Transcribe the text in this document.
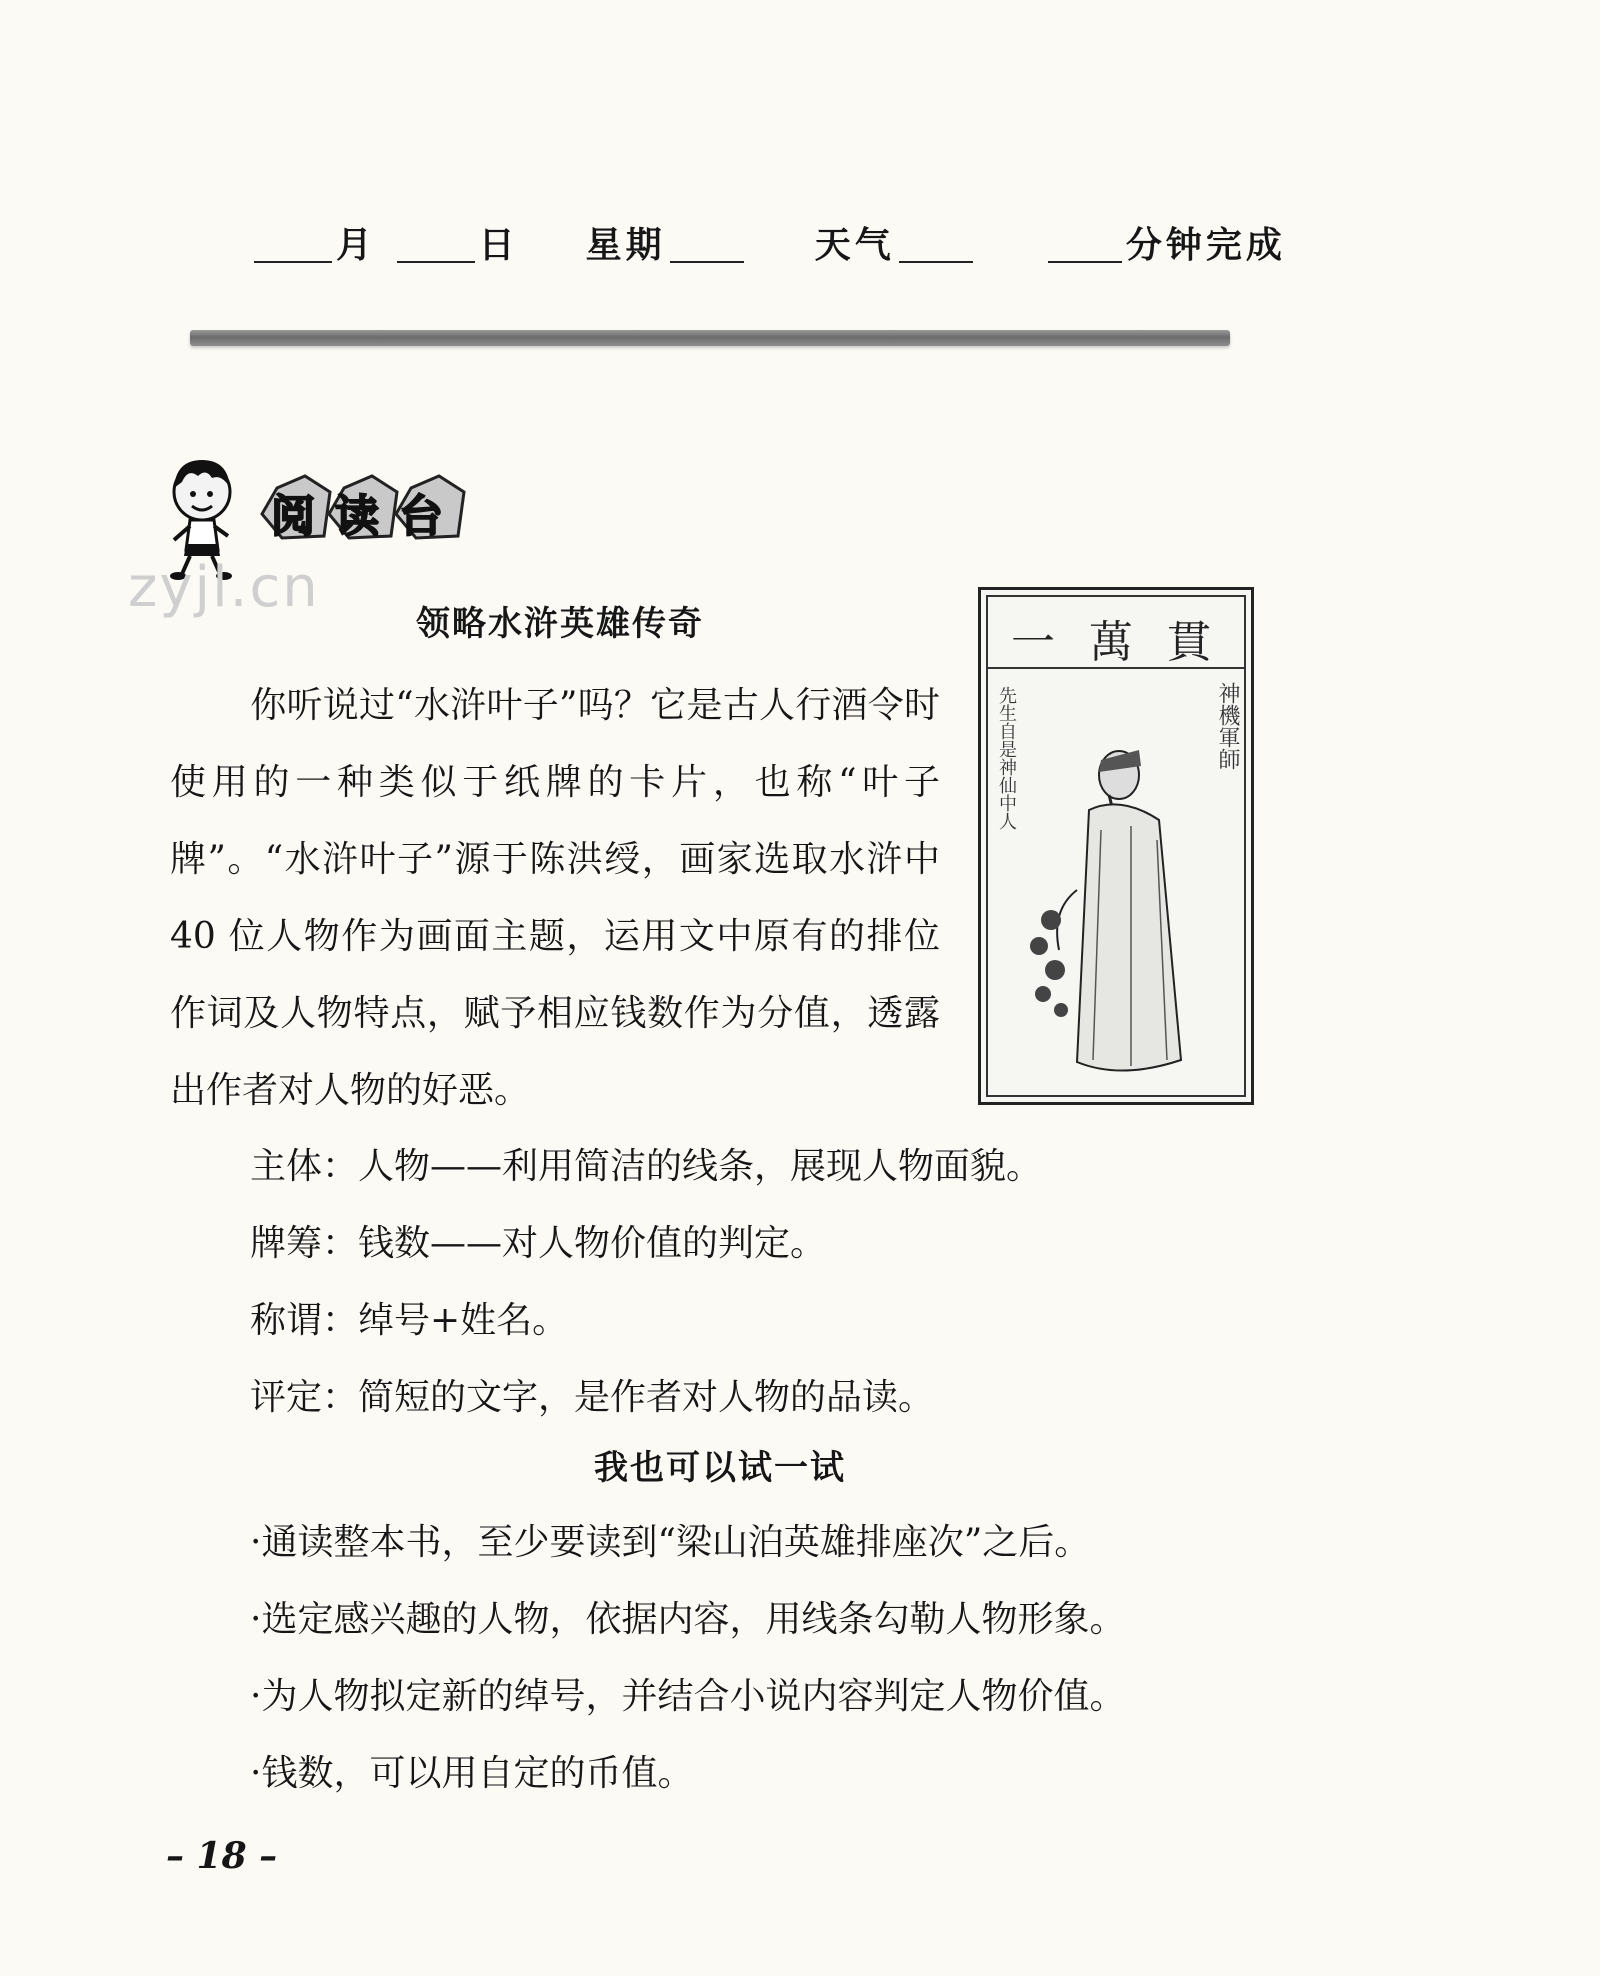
月	日 星期	天气	分钟完成
阅读台
zyjl.cn
领略水浒英雄传奇
你听说过“水浒叶子”吗？它是古人行酒令时使用的一种类似于纸牌的卡片，也称“叶子牌”。“水浒叶子”源于陈洪绶，画家选取水浒中 40 位人物作为画面主题，运用文中原有的排位作词及人物特点，赋予相应钱数作为分值，透露出作者对人物的好恶。
一 萬 貫
神機軍師
先生自是神仙中人
主体：人物——利用简洁的线条，展现人物面貌。
牌筹：钱数——对人物价值的判定。
称谓：绰号+姓名。
评定：简短的文字，是作者对人物的品读。
我也可以试一试
·通读整本书，至少要读到“梁山泊英雄排座次”之后。
·选定感兴趣的人物，依据内容，用线条勾勒人物形象。
·为人物拟定新的绰号，并结合小说内容判定人物价值。
·钱数，可以用自定的币值。
– 18 –
